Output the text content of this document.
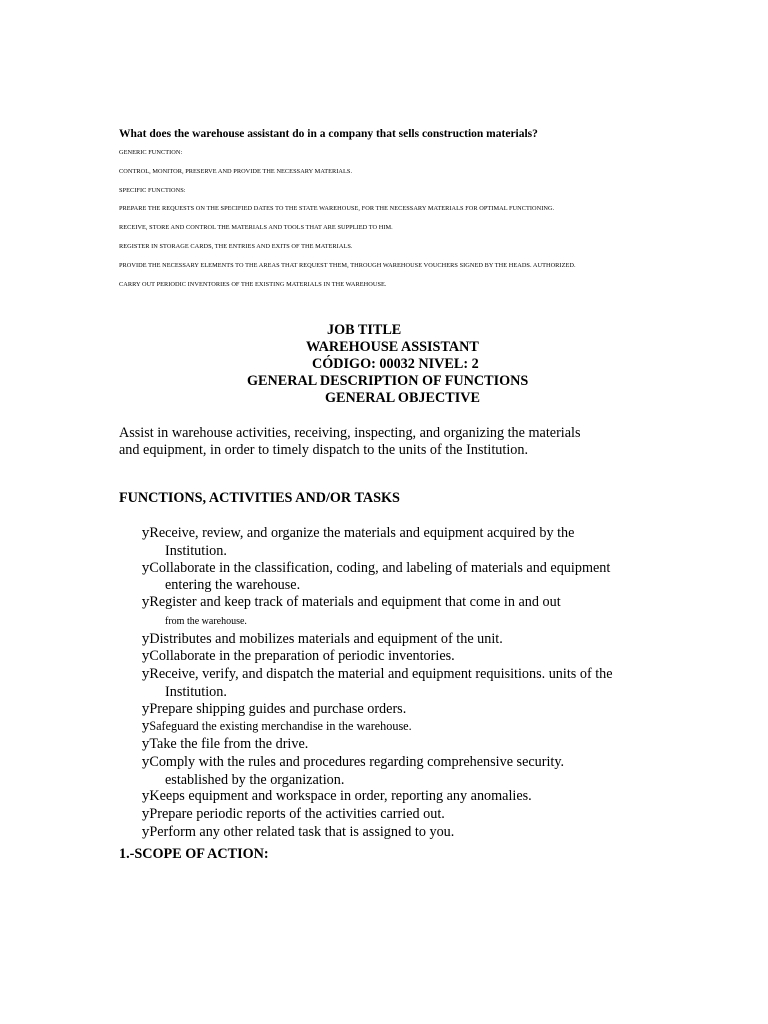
What does the warehouse assistant do in a company that sells construction materials?

GENERIC FUNCTION:

CONTROL, MONITOR, PRESERVE AND PROVIDE THE NECESSARY MATERIALS.

SPECIFIC FUNCTIONS:

PREPARE THE REQUESTS ON THE SPECIFIED DATES TO THE STATE WAREHOUSE, FOR THE NECESSARY MATERIALS FOR OPTIMAL FUNCTIONING.

RECEIVE, STORE AND CONTROL THE MATERIALS AND TOOLS THAT ARE SUPPLIED TO HIM.

REGISTER IN STORAGE CARDS, THE ENTRIES AND EXITS OF THE MATERIALS.

PROVIDE THE NECESSARY ELEMENTS TO THE AREAS THAT REQUEST THEM, THROUGH WAREHOUSE VOUCHERS SIGNED BY THE HEADS. AUTHORIZED.

CARRY OUT PERIODIC INVENTORIES OF THE EXISTING MATERIALS IN THE WAREHOUSE.

JOB TITLE
WAREHOUSE ASSISTANT
CÓDIGO: 00032 NIVEL: 2
GENERAL DESCRIPTION OF FUNCTIONS
GENERAL OBJECTIVE
Assist in warehouse activities, receiving, inspecting, and organizing the materials and equipment, in order to timely dispatch to the units of the Institution.
FUNCTIONS, ACTIVITIES AND/OR TASKS
yReceive, review, and organize the materials and equipment acquired by the Institution.
yCollaborate in the classification, coding, and labeling of materials and equipment entering the warehouse.
yRegister and keep track of materials and equipment that come in and out
from the warehouse.
yDistributes and mobilizes materials and equipment of the unit.
yCollaborate in the preparation of periodic inventories.
yReceive, verify, and dispatch the material and equipment requisitions. units of the Institution.
yPrepare shipping guides and purchase orders.
ySafeguard the existing merchandise in the warehouse.
yTake the file from the drive.
yComply with the rules and procedures regarding comprehensive security. established by the organization.
yKeeps equipment and workspace in order, reporting any anomalies.
yPrepare periodic reports of the activities carried out.
yPerform any other related task that is assigned to you.
1.-SCOPE OF ACTION:
